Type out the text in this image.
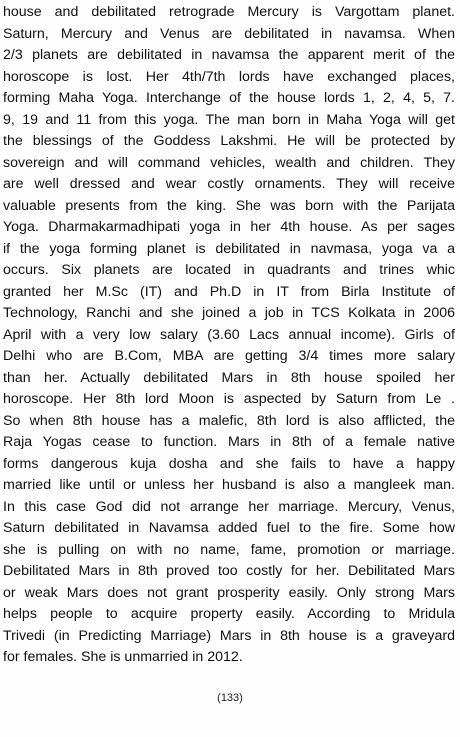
house and debilitated retrograde Mercury is Vargottam planet.
Saturn, Mercury and Venus are debilitated in navamsa. When
2/3 planets are debilitated in navamsa the apparent merit of the
horoscope is lost. Her 4th/7th lords have exchanged places,
forming Maha Yoga. Interchange of the house lords 1, 2, 4, 5, 7.
9, 19 and 11 from this yoga. The man born in Maha Yoga will get
the blessings of the Goddess Lakshmi. He will be protected by
sovereign and will command vehicles, wealth and children. They
are well dressed and wear costly ornaments. They will receive
valuable presents from the king. She was born with the Parijata
Yoga. Dharmakarmadhipati yoga in her 4th house. As per sages
if the yoga forming planet is debilitated in navmasa, yoga va a
occurs. Six planets are located in quadrants and trines whic
granted her M.Sc (IT) and Ph.D in IT from Birla Institute of
Technology, Ranchi and she joined a job in TCS Kolkata in 2006
April with a very low salary (3.60 Lacs annual income). Girls of
Delhi who are B.Com, MBA are getting 3/4 times more salary
than her. Actually debilitated Mars in 8th house spoiled her
horoscope. Her 8th lord Moon is aspected by Saturn from Le .
So when 8th house has a malefic, 8th lord is also afflicted, the
Raja Yogas cease to function. Mars in 8th of a female native
forms dangerous kuja dosha and she fails to have a happy
married like until or unless her husband is also a mangleek man.
In this case God did not arrange her marriage. Mercury, Venus,
Saturn debilitated in Navamsa added fuel to the fire. Some how
she is pulling on with no name, fame, promotion or marriage.
Debilitated Mars in 8th proved too costly for her. Debilitated Mars
or weak Mars does not grant prosperity easily. Only strong Mars
helps people to acquire property easily. According to Mridula
Trivedi (in Predicting Marriage) Mars in 8th house is a graveyard
for females. She is unmarried in 2012.
(133)
